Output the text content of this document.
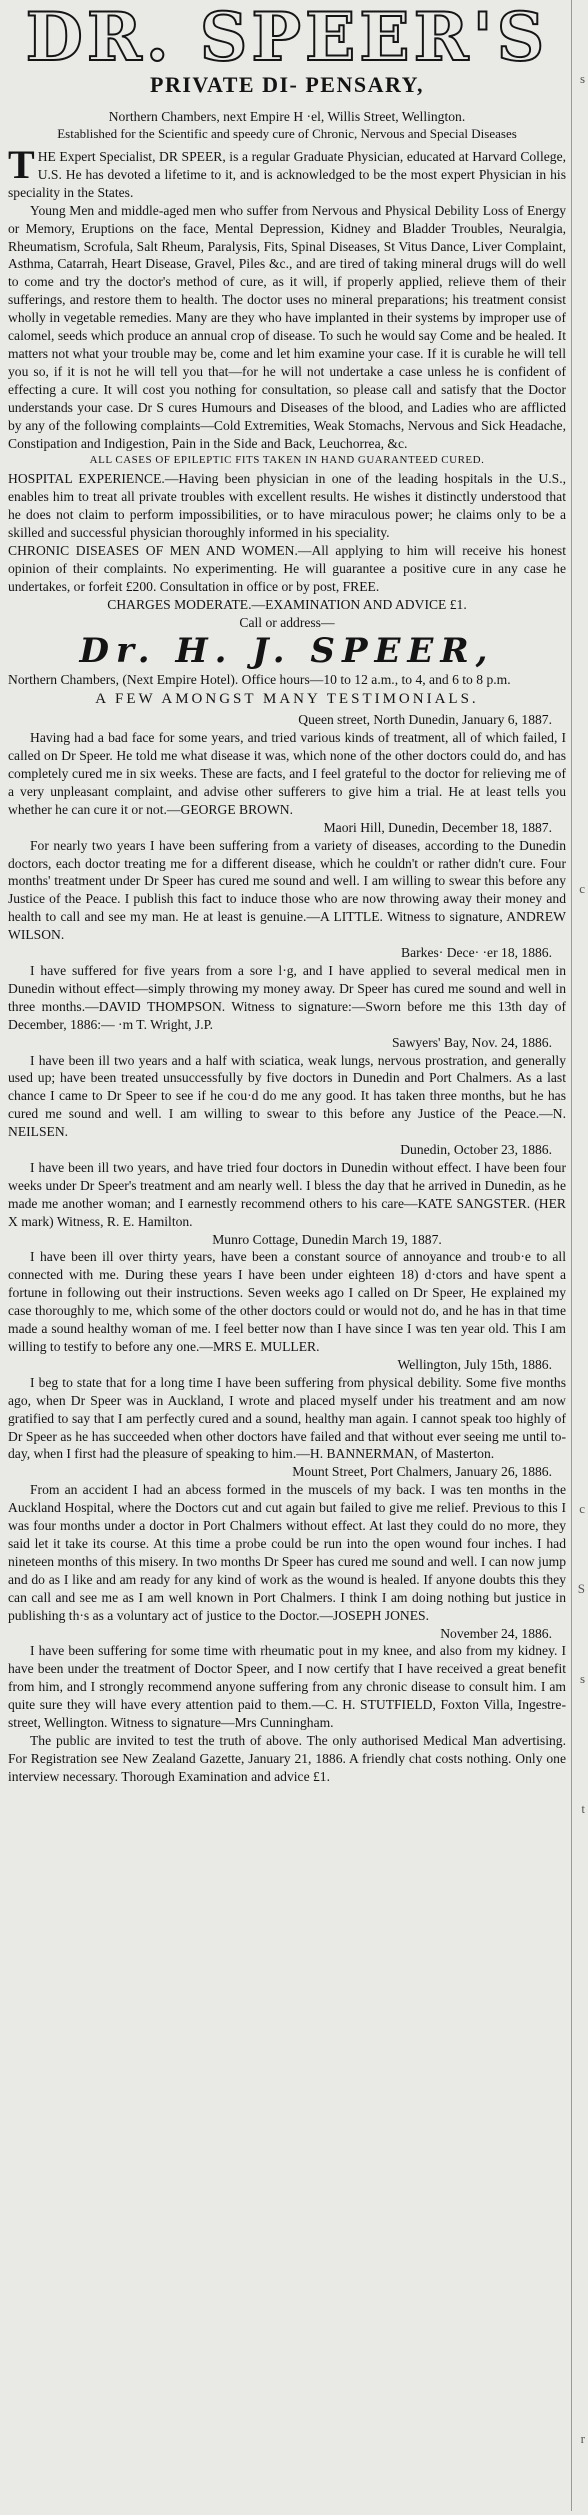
DR. SPEER'S
PRIVATE DI- PENSARY,
Northern Chambers, next Empire H ·el, Willis Street, Wellington.
Established for the Scientific and speedy cure of Chronic, Nervous and Special Diseases

THE Expert Specialist, DR SPEER, is a regular Graduate Physician, educated at Harvard College, U.S. He has devoted a lifetime to it, and is acknowledged to be the most expert Physician in his speciality in the States.

Young Men and middle-aged men who suffer from Nervous and Physical Debility Loss of Energy or Memory, Eruptions on the face, Mental Depression, Kidney and Bladder Troubles, Neuralgia, Rheumatism, Scrofula, Salt Rheum, Paralysis, Fits, Spinal Diseases, St Vitus Dance, Liver Complaint, Asthma, Catarrah, Heart Disease, Gravel, Piles &c., and are tired of taking mineral drugs will do well to come and try the doctor's method of cure, as it will, if properly applied, relieve them of their sufferings, and restore them to health. The doctor uses no mineral preparations; his treatment consist wholly in vegetable remedies. Many are they who have implanted in their systems by improper use of calomel, seeds which produce an annual crop of disease. To such he would say Come and be healed. It matters not what your trouble may be, come and let him examine your case. If it is curable he will tell you so, if it is not he will tell you that—for he will not undertake a case unless he is confident of effecting a cure. It will cost you nothing for consultation, so please call and satisfy that the Doctor understands your case. Dr S cures Humours and Diseases of the blood, and Ladies who are afflicted by any of the following complaints—Cold Extremities, Weak Stomachs, Nervous and Sick Headache, Constipation and Indigestion, Pain in the Side and Back, Leuchorrea, &c.

ALL CASES OF EPILEPTIC FITS TAKEN IN HAND GUARANTEED CURED.

HOSPITAL EXPERIENCE.—Having been physician in one of the leading hospitals in the U.S., enables him to treat all private troubles with excellent results. He wishes it distinctly understood that he does not claim to perform impossibilities, or to have miraculous power; he claims only to be a skilled and successful physician thoroughly informed in his speciality.

CHRONIC DISEASES OF MEN AND WOMEN.—All applying to him will receive his honest opinion of their complaints. No experimenting. He will guarantee a positive cure in any case he undertakes, or forfeit £200. Consultation in office or by post, FREE.

CHARGES MODERATE.—EXAMINATION AND ADVICE £1.
Call or address—
Dr. H. J. SPEER,

Northern Chambers, (Next Empire Hotel). Office hours—10 to 12 a.m., to 4, and 6 to 8 p.m.

A FEW AMONGST MANY TESTIMONIALS.
Queen street, North Dunedin, January 6, 1887.

Having had a bad face for some years, and tried various kinds of treatment, all of which failed, I called on Dr Speer. He told me what disease it was, which none of the other doctors could do, and has completely cured me in six weeks. These are facts, and I feel grateful to the doctor for relieving me of a very unpleasant complaint, and advise other sufferers to give him a trial. He at least tells you whether he can cure it or not.—GEORGE BROWN.

Maori Hill, Dunedin, December 18, 1887.

For nearly two years I have been suffering from a variety of diseases, according to the Dunedin doctors, each doctor treating me for a different disease, which he couldn't or rather didn't cure. Four months' treatment under Dr Speer has cured me sound and well. I am willing to swear this before any Justice of the Peace. I publish this fact to induce those who are now throwing away their money and health to call and see my man. He at least is genuine.—A LITTLE. Witness to signature, ANDREW WILSON.

Barkes· Dece· ·er 18, 1886.

I have suffered for five years from a sore l·g, and I have applied to several medical men in Dunedin without effect—simply throwing my money away. Dr Speer has cured me sound and well in three months.—DAVID THOMPSON. Witness to signature:—Sworn before me this 13th day of December, 1886:— ·m T. Wright, J.P.

Sawyers' Bay, Nov. 24, 1886.

I have been ill two years and a half with sciatica, weak lungs, nervous prostration, and generally used up; have been treated unsuccessfully by five doctors in Dunedin and Port Chalmers. As a last chance I came to Dr Speer to see if he cou·d do me any good. It has taken three months, but he has cured me sound and well. I am willing to swear to this before any Justice of the Peace.—N. NEILSEN.

Dunedin, October 23, 1886.

I have been ill two years, and have tried four doctors in Dunedin without effect. I have been four weeks under Dr Speer's treatment and am nearly well. I bless the day that he arrived in Dunedin, as he made me another woman; and I earnestly recommend others to his care—KATE SANGSTER. (HER X mark) Witness, R. E. Hamilton.

Munro Cottage, Dunedin March 19, 1887.

I have been ill over thirty years, have been a constant source of annoyance and troub·e to all connected with me. During these years I have been under eighteen 18) d·ctors and have spent a fortune in following out their instructions. Seven weeks ago I called on Dr Speer, He explained my case thoroughly to me, which some of the other doctors could or would not do, and he has in that time made a sound healthy woman of me. I feel better now than I have since I was ten year old. This I am willing to testify to before any one.—MRS E. MULLER.

Wellington, July 15th, 1886.

I beg to state that for a long time I have been suffering from physical debility. Some five months ago, when Dr Speer was in Auckland, I wrote and placed myself under his treatment and am now gratified to say that I am perfectly cured and a sound, healthy man again. I cannot speak too highly of Dr Speer as he has succeeded when other doctors have failed and that without ever seeing me until to-day, when I first had the pleasure of speaking to him.—H. BANNERMAN, of Masterton.

Mount Street, Port Chalmers, January 26, 1886.

From an accident I had an abcess formed in the muscels of my back. I was ten months in the Auckland Hospital, where the Doctors cut and cut again but failed to give me relief. Previous to this I was four months under a doctor in Port Chalmers without effect. At last they could do no more, they said let it take its course. At this time a probe could be run into the open wound four inches. I had nineteen months of this misery. In two months Dr Speer has cured me sound and well. I can now jump and do as I like and am ready for any kind of work as the wound is healed. If anyone doubts this they can call and see me as I am well known in Port Chalmers. I think I am doing nothing but justice in publishing th·s as a voluntary act of justice to the Doctor.—JOSEPH JONES.

November 24, 1886.

I have been suffering for some time with rheumatic pout in my knee, and also from my kidney. I have been under the treatment of Doctor Speer, and I now certify that I have received a great benefit from him, and I strongly recommend anyone suffering from any chronic disease to consult him. I am quite sure they will have every attention paid to them.—C. H. STUTFIELD, Foxton Villa, Ingestre-street, Wellington. Witness to signature—Mrs Cunningham.

The public are invited to test the truth of above. The only authorised Medical Man advertising. For Registration see New Zealand Gazette, January 21, 1886. A friendly chat costs nothing. Only one interview necessary. Thorough Examination and advice £1.

s
c
c
S
s
t
r
